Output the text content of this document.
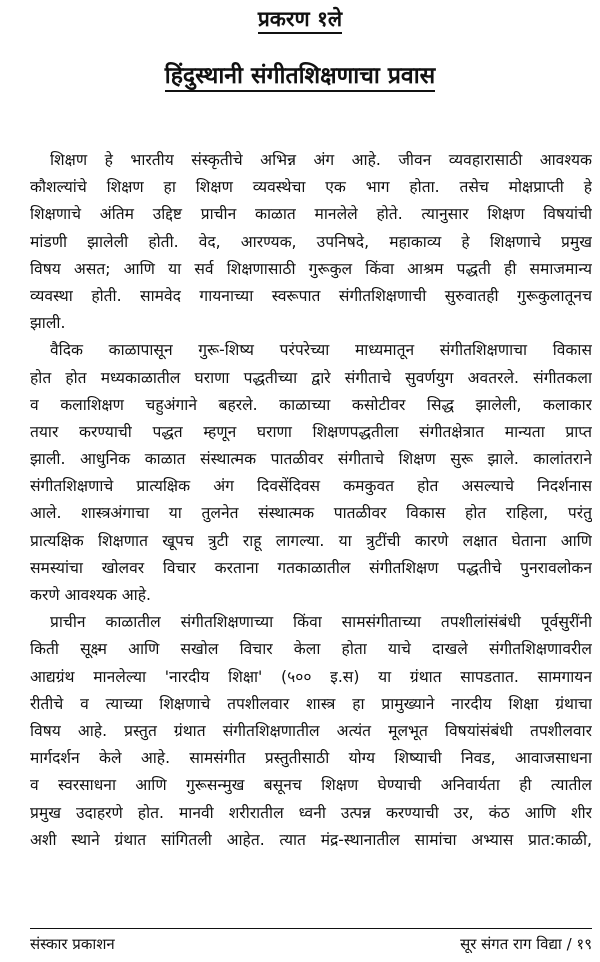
प्रकरण १ले
हिंदुस्थानी संगीतशिक्षणाचा प्रवास
शिक्षण हे भारतीय संस्कृतीचे अभिन्न अंग आहे. जीवन व्यवहारासाठी आवश्यक
कौशल्यांचे शिक्षण हा शिक्षण व्यवस्थेचा एक भाग होता. तसेच मोक्षप्राप्ती हे
शिक्षणाचे अंतिम उद्दिष्ट प्राचीन काळात मानलेले होते. त्यानुसार शिक्षण विषयांची
मांडणी झालेली होती. वेद, आरण्यक, उपनिषदे, महाकाव्य हे शिक्षणाचे प्रमुख
विषय असत; आणि या सर्व शिक्षणासाठी गुरूकुल किंवा आश्रम पद्धती ही समाजमान्य
व्यवस्था होती. सामवेद गायनाच्या स्वरूपात संगीतशिक्षणाची सुरुवातही गुरूकुलातूनच
झाली.
वैदिक काळापासून गुरू-शिष्य परंपरेच्या माध्यमातून संगीतशिक्षणाचा विकास
होत होत मध्यकाळातील घराणा पद्धतीच्या द्वारे संगीताचे सुवर्णयुग अवतरले. संगीतकला
व कलाशिक्षण चहुअंगाने बहरले. काळाच्या कसोटीवर सिद्ध झालेली, कलाकार
तयार करण्याची पद्धत म्हणून घराणा शिक्षणपद्धतीला संगीतक्षेत्रात मान्यता प्राप्त
झाली. आधुनिक काळात संस्थात्मक पातळीवर संगीताचे शिक्षण सुरू झाले. कालांतराने
संगीतशिक्षणाचे प्रात्यक्षिक अंग दिवसेंदिवस कमकुवत होत असल्याचे निदर्शनास
आले. शास्त्रअंगाचा या तुलनेत संस्थात्मक पातळीवर विकास होत राहिला, परंतु
प्रात्यक्षिक शिक्षणात खूपच त्रुटी राहू लागल्या. या त्रुटींची कारणे लक्षात घेताना आणि
समस्यांचा खोलवर विचार करताना गतकाळातील संगीतशिक्षण पद्धतीचे पुनरावलोकन
करणे आवश्यक आहे.
प्राचीन काळातील संगीतशिक्षणाच्या किंवा सामसंगीताच्या तपशीलांसंबंधी पूर्वसुरींनी
किती सूक्ष्म आणि सखोल विचार केला होता याचे दाखले संगीतशिक्षणावरील
आद्यग्रंथ मानलेल्या 'नारदीय शिक्षा' (५०० इ.स) या ग्रंथात सापडतात. सामगायन
रीतीचे व त्याच्या शिक्षणाचे तपशीलवार शास्त्र हा प्रामुख्याने नारदीय शिक्षा ग्रंथाचा
विषय आहे. प्रस्तुत ग्रंथात संगीतशिक्षणातील अत्यंत मूलभूत विषयांसंबंधी तपशीलवार
मार्गदर्शन केले आहे. सामसंगीत प्रस्तुतीसाठी योग्य शिष्याची निवड, आवाजसाधना
व स्वरसाधना आणि गुरूसन्मुख बसूनच शिक्षण घेण्याची अनिवार्यता ही त्यातील
प्रमुख उदाहरणे होत. मानवी शरीरातील ध्वनी उत्पन्न करण्याची उर, कंठ आणि शीर
अशी स्थाने ग्रंथात सांगितली आहेत. त्यात मंद्र-स्थानातील सामांचा अभ्यास प्रात:काळी,
संस्कार प्रकाशन	सूर संगत राग विद्या / १९
